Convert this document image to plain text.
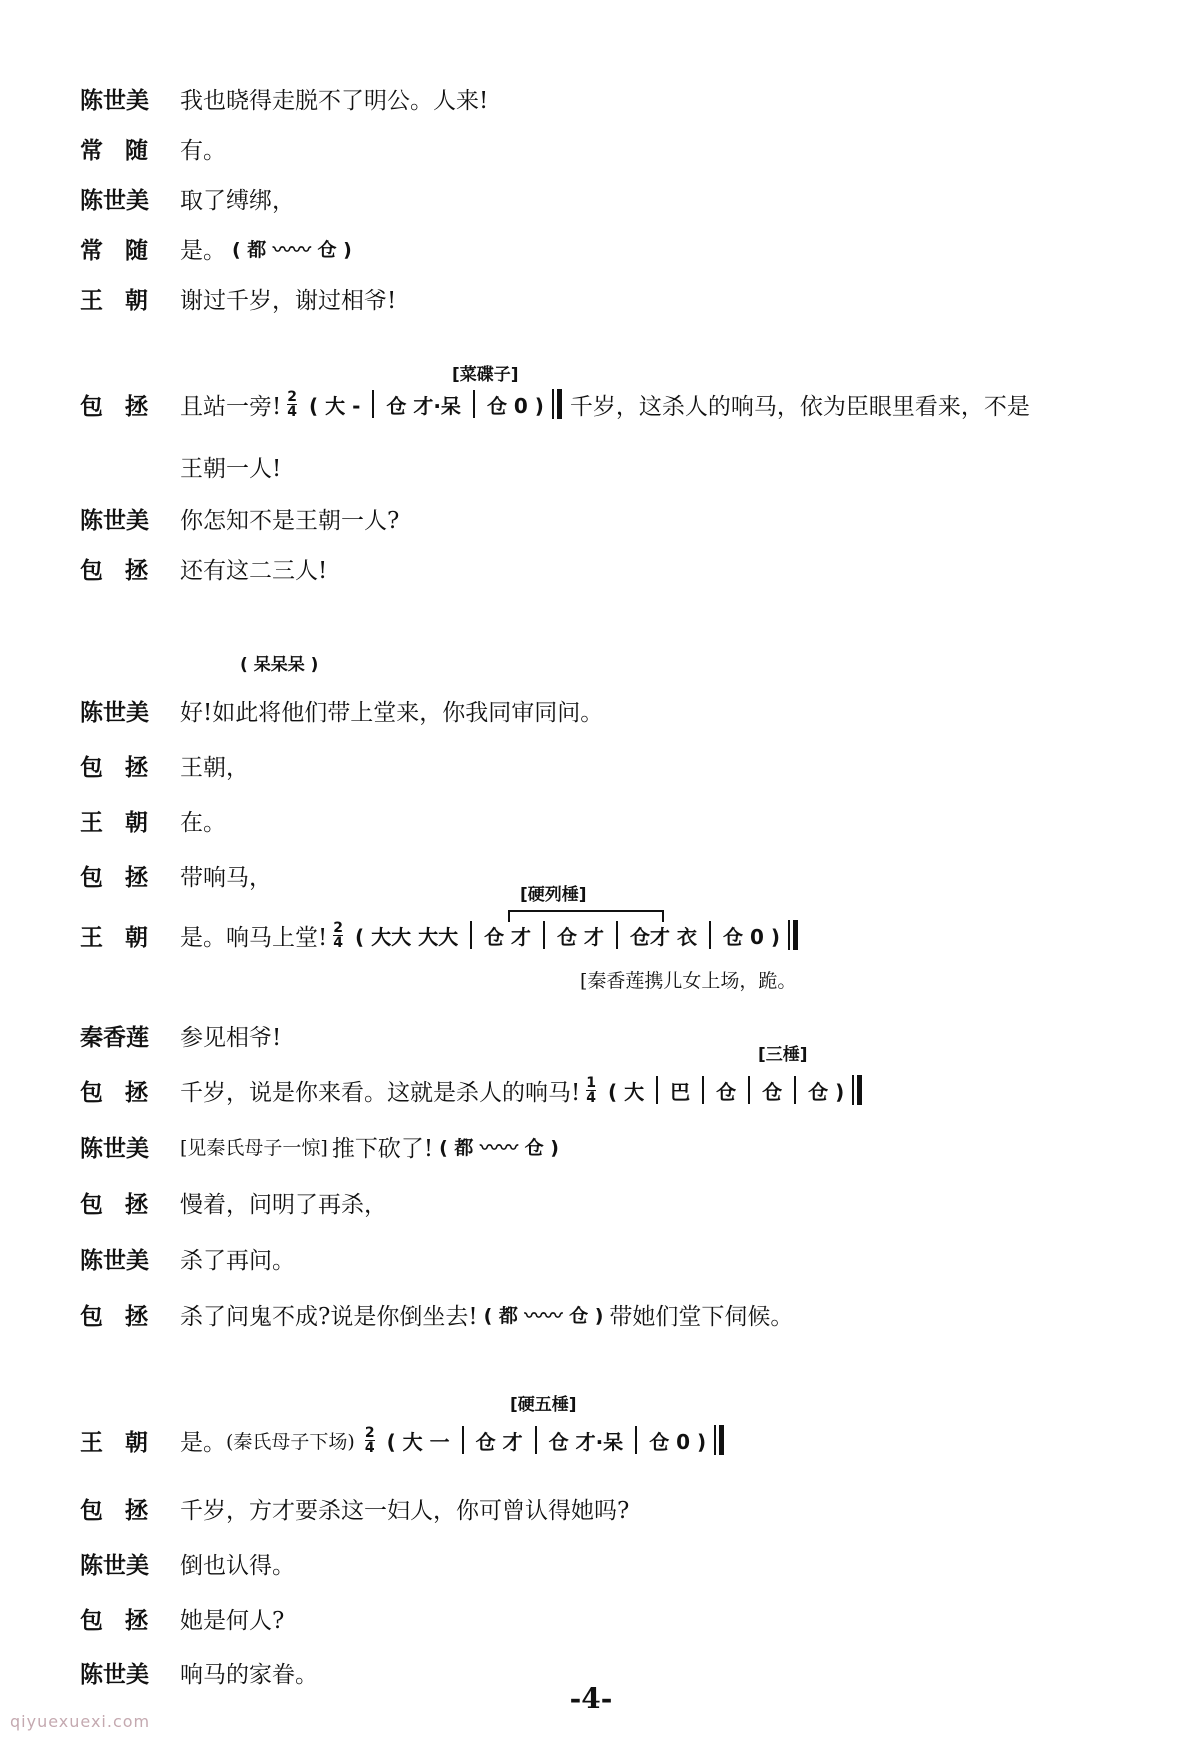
陈世美	我也晓得走脱不了明公。人来!
常随 有。
陈世美	取了缚绑，
常随 是。 ( 都 〰〰 仓 )
王朝 谢过千岁，谢过相爷!
[菜碟子]
包拯 且站一旁! $\frac{2}{4}$ ( 大 -	仓 才·呆	仓 0 ) 千岁，这杀人的响马，依为臣眼里看来，不是
王朝一人!
陈世美	你怎知不是王朝一人?
包拯 还有这二三人!
( 呆呆呆 )
陈世美	好!如此将他们带上堂来，你我同审同问。
包拯 王朝，
王朝 在。
包拯 带响马，
[硬列棰]
王朝 是。响马上堂! $\frac{2}{4}$ ( 大大 大大	仓 才	仓 才	仓才 衣	仓 0 )
[秦香莲携儿女上场，跪。
秦香莲	参见相爷!
[三棰]
包拯 千岁，说是你来看。这就是杀人的响马! $\frac{1}{4}$ ( 大	巴	仓	仓	仓 )
陈世美	[见秦氏母子一惊] 推下砍了! ( 都 〰〰 仓 )
包拯 慢着，问明了再杀，
陈世美	杀了再问。
包拯 杀了问鬼不成?说是你倒坐去! ( 都 〰〰 仓 ) 带她们堂下伺候。
[硬五棰]
王朝 是。 (秦氏母子下场) $\frac{2}{4}$ ( 大 一	仓 才	仓 才·呆	仓 0 )
包拯 千岁，方才要杀这一妇人，你可曾认得她吗?
陈世美	倒也认得。
包拯 她是何人?
陈世美	响马的家眷。
-4-
qiyuexuexi.com
